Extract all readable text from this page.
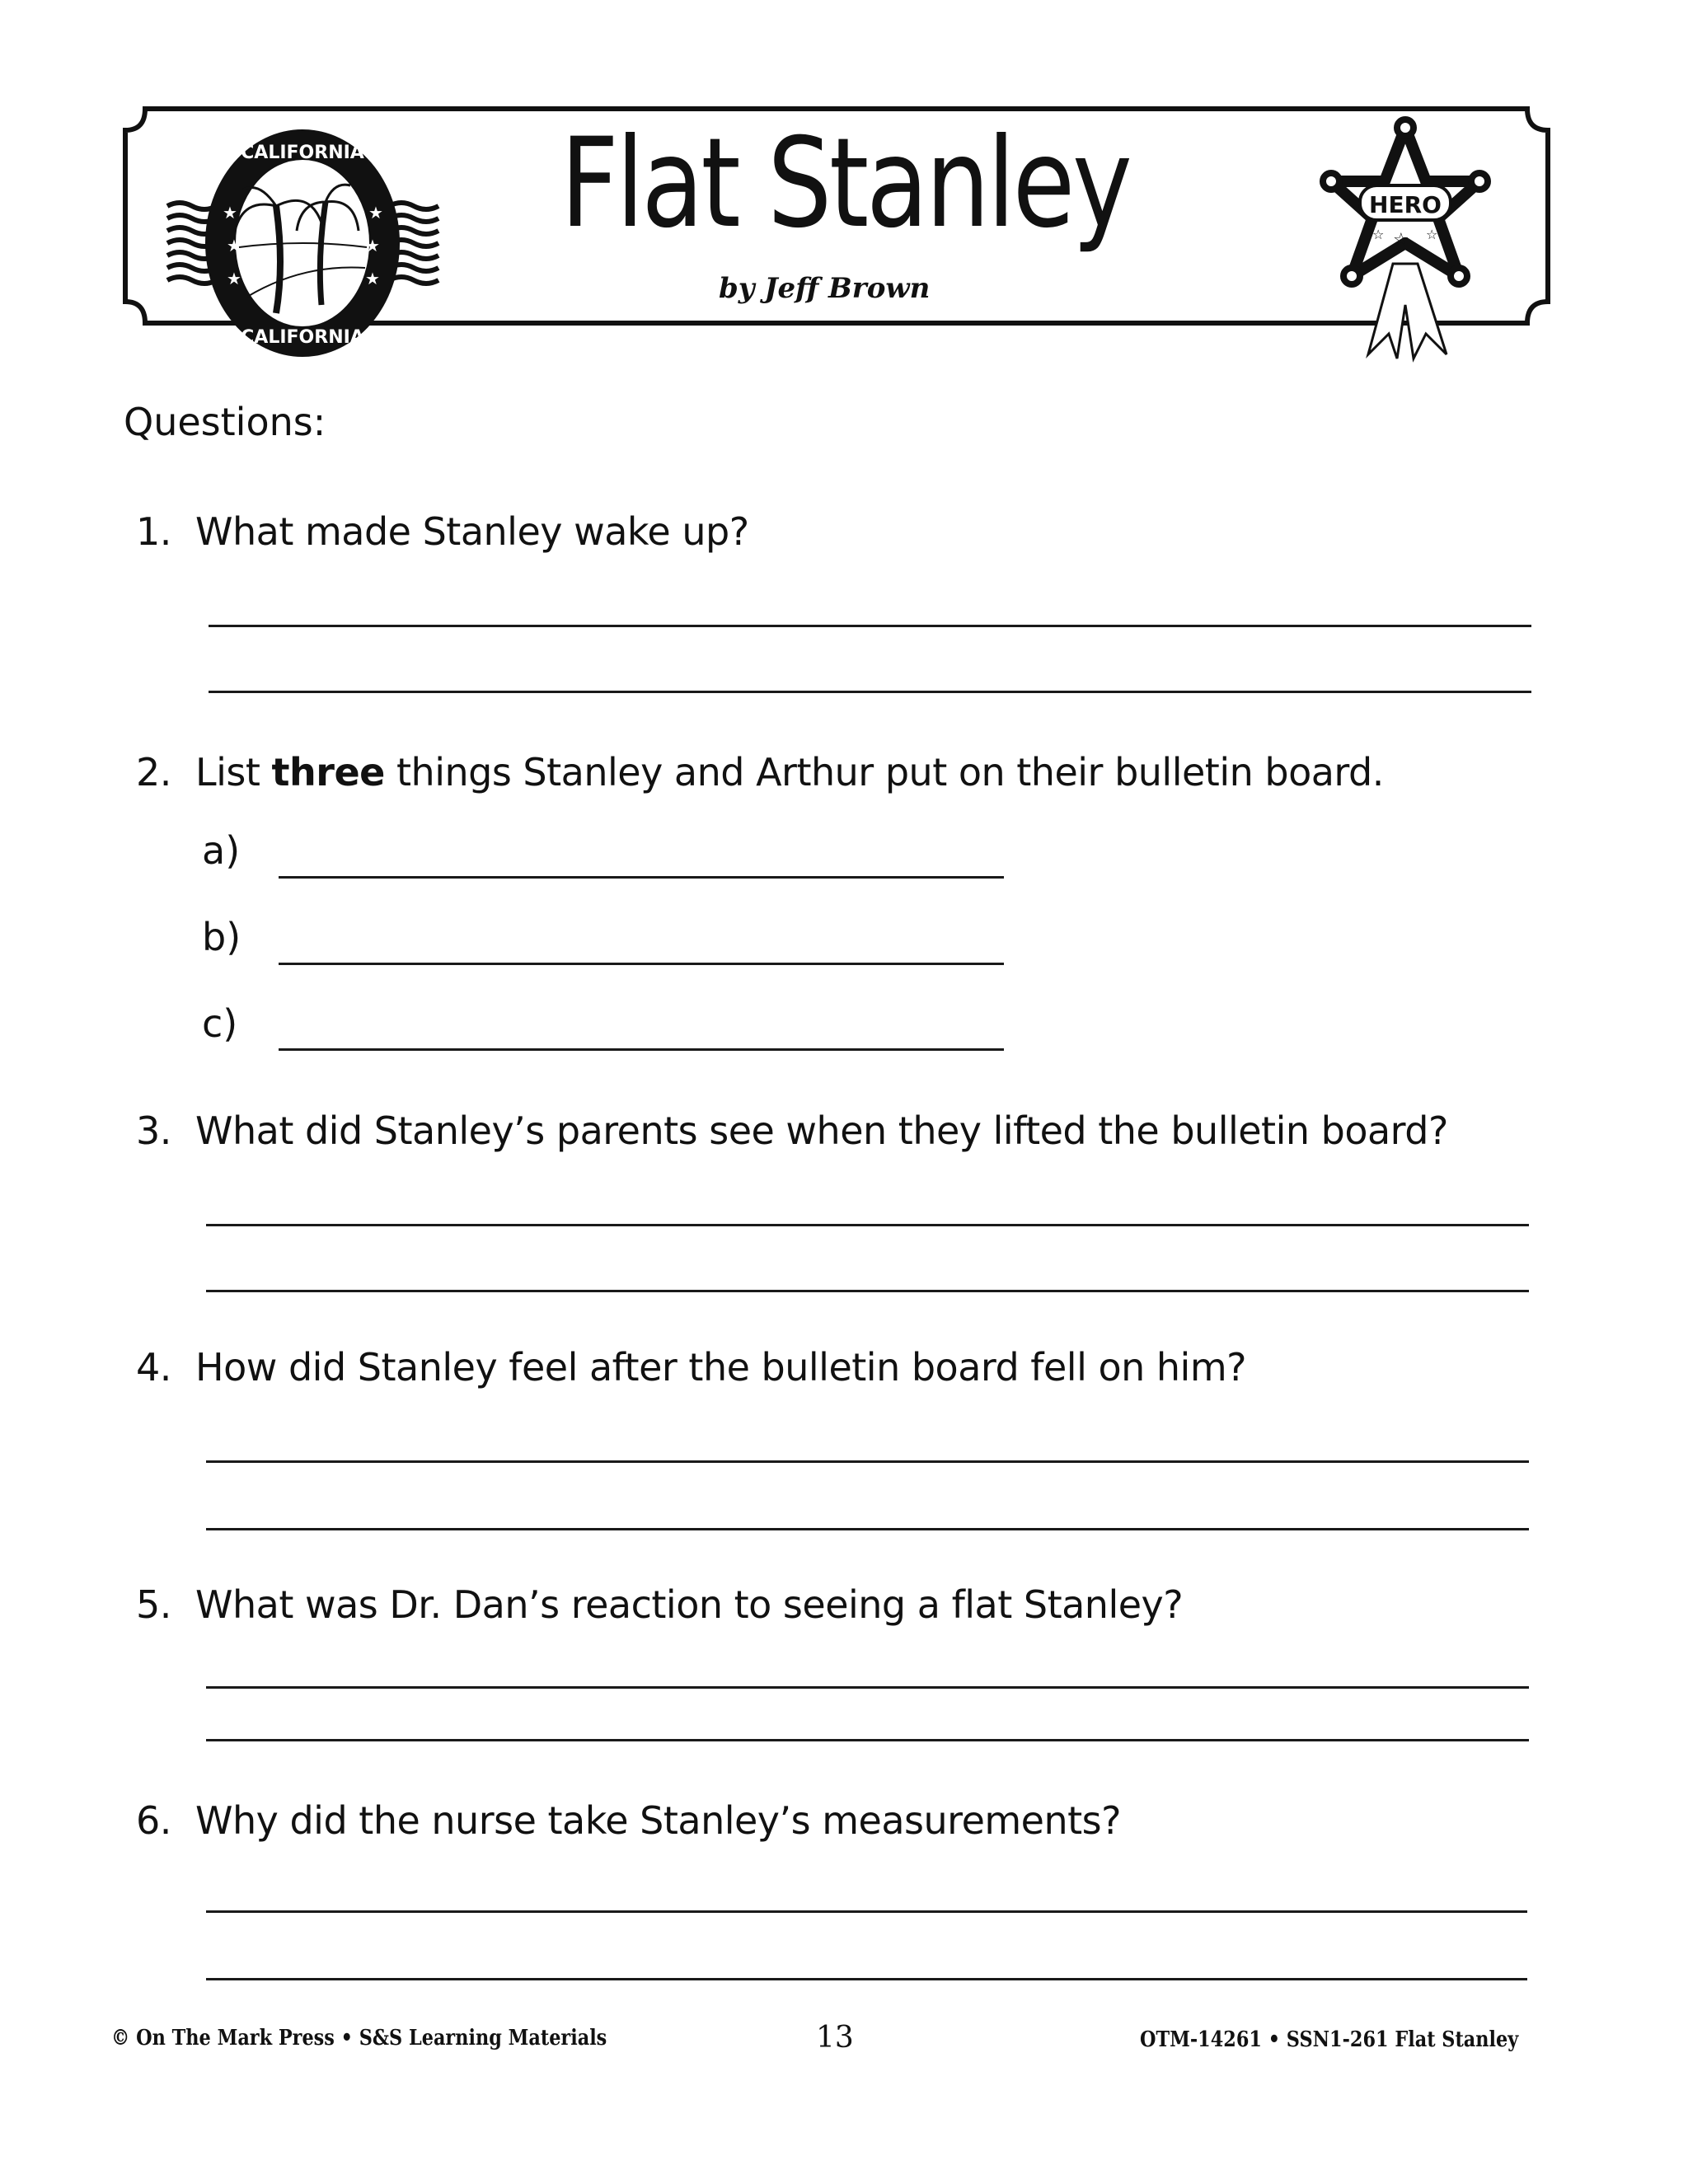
★
★
★
★
★
★
CALIFORNIA
CALIFORNIA
Flat Stanley
by Jeff Brown
HERO
☆
☆	☆
Questions:
1. What made Stanley wake up?
2. List three things Stanley and Arthur put on their bulletin board.
a)
b)
c)
3. What did Stanley’s parents see when they lifted the bulletin board?
4. How did Stanley feel after the bulletin board fell on him?
5. What was Dr. Dan’s reaction to seeing a flat Stanley?
6. Why did the nurse take Stanley’s measurements?
© On The Mark Press • S&S Learning Materials	13	OTM-14261 • SSN1-261 Flat Stanley
